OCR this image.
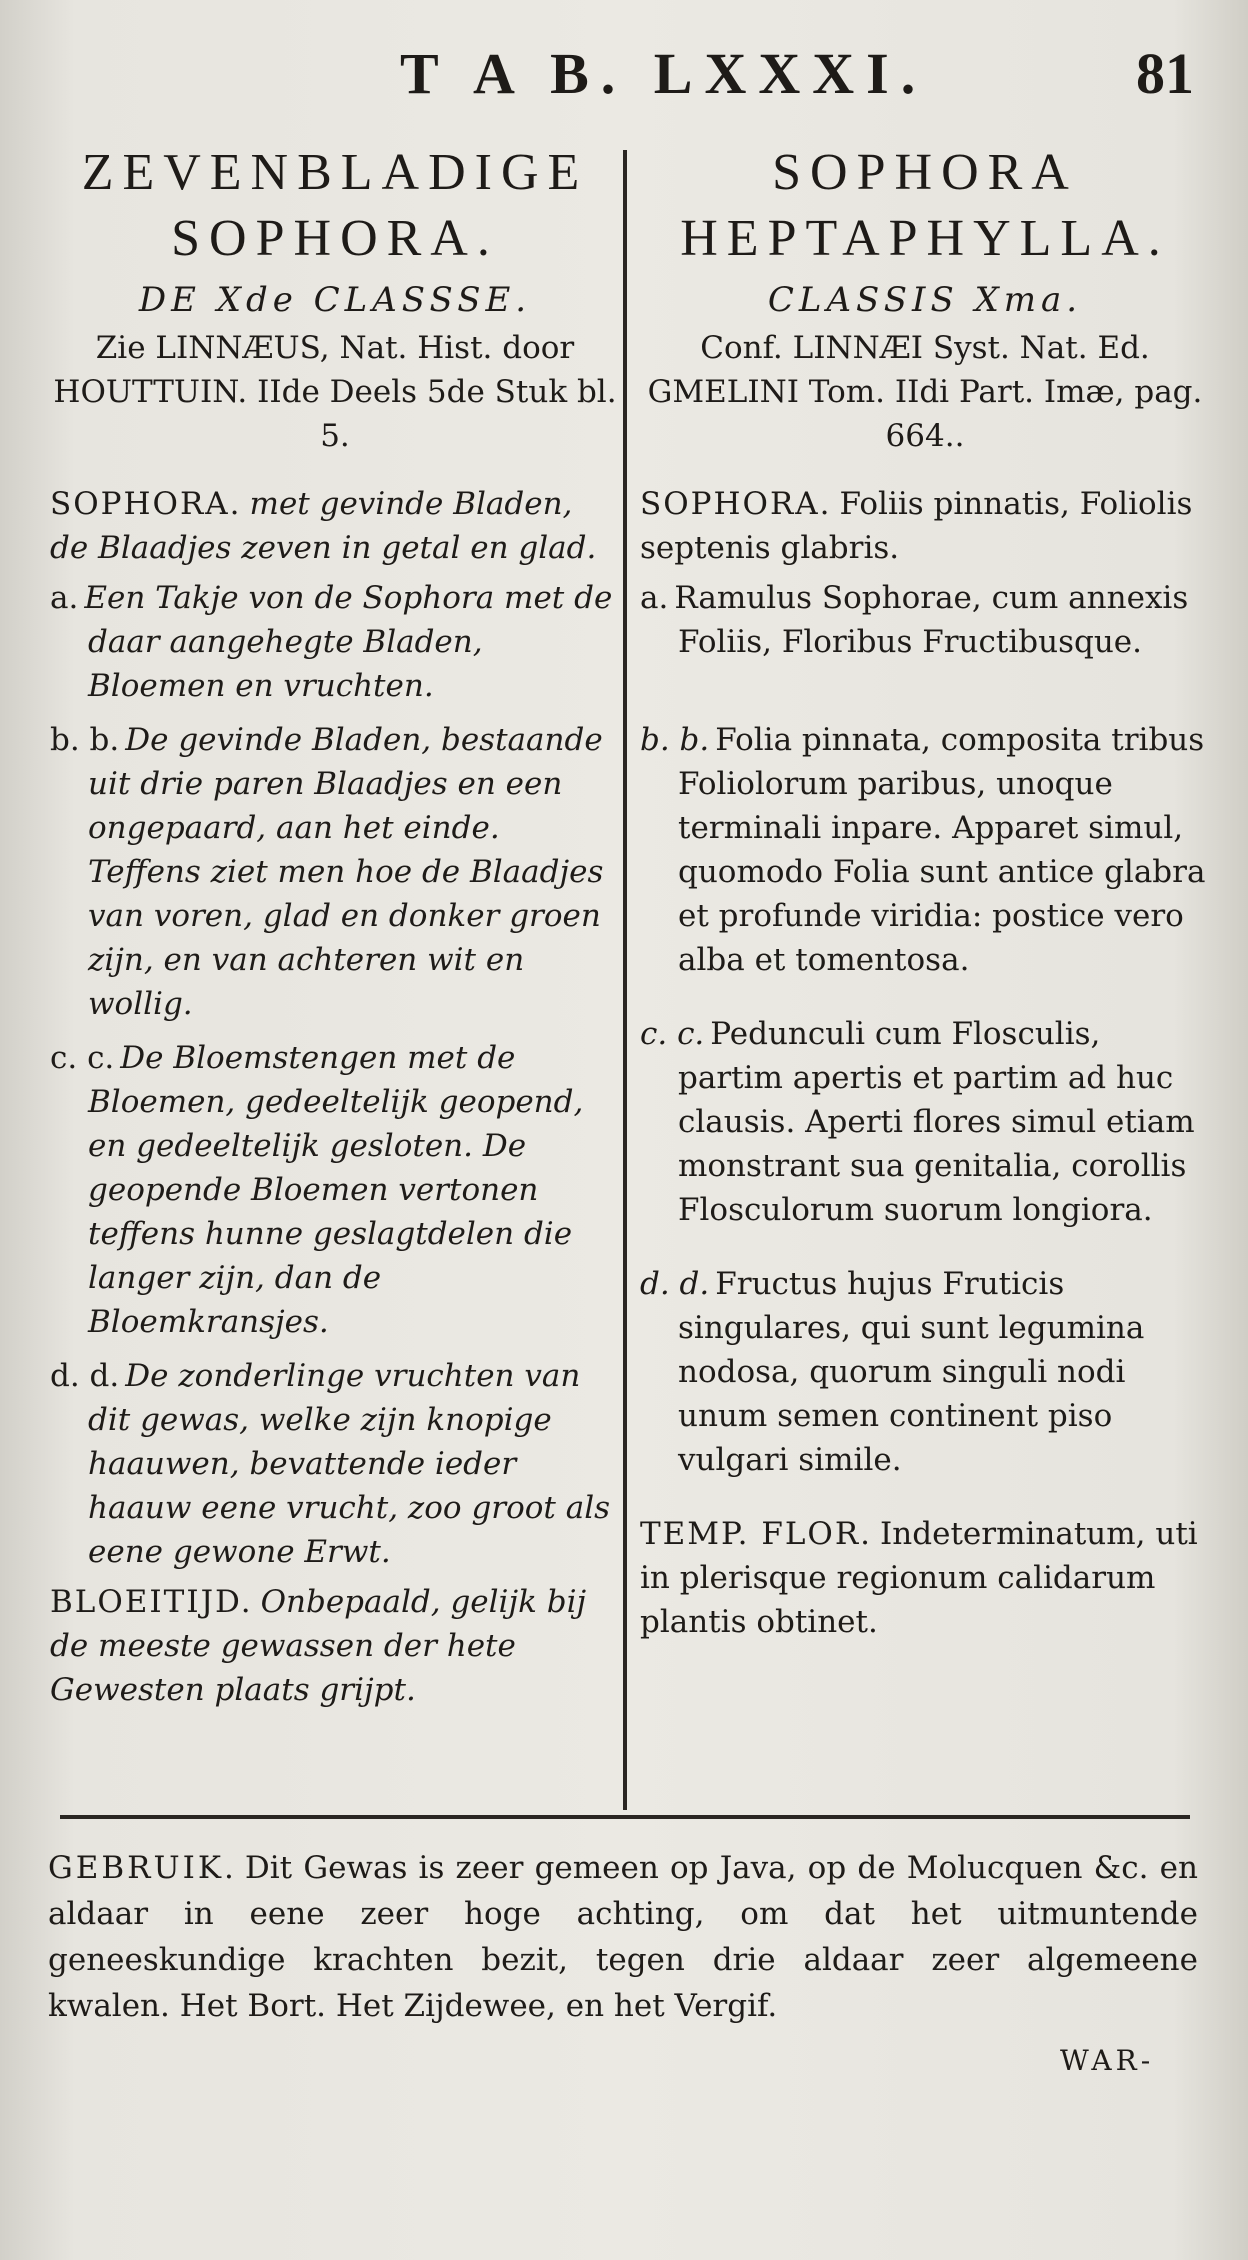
T A B. LXXXI.	81
ZEVENBLADIGE
SOPHORA.
DE Xde CLASSSE.
Zie LINNÆUS, Nat. Hist. door HOUTTUIN. IIde Deels 5de Stuk bl. 5.
SOPHORA. met gevinde Bladen, de Blaadjes zeven in getal en glad.
a. Een Takje von de Sophora met de daar aangehegte Bladen, Bloemen en vruchten.
b. b. De gevinde Bladen, bestaande uit drie paren Blaadjes en een ongepaard, aan het einde. Teffens ziet men hoe de Blaadjes van voren, glad en donker groen zijn, en van achteren wit en wollig.
c. c. De Bloemstengen met de Bloemen, gedeeltelijk geopend, en gedeeltelijk gesloten. De geopende Bloemen vertonen teffens hunne geslagtdelen die langer zijn, dan de Bloemkransjes.
d. d. De zonderlinge vruchten van dit gewas, welke zijn knopige haauwen, bevattende ieder haauw eene vrucht, zoo groot als eene gewone Erwt.
BLOEITIJD. Onbepaald, gelijk bij de meeste gewassen der hete Gewesten plaats grijpt.
SOPHORA
HEPTAPHYLLA.
CLASSIS Xma.
Conf. LINNÆI Syst. Nat. Ed. GMELINI Tom. IIdi Part. Imæ, pag. 664..
SOPHORA. Foliis pinnatis, Foliolis septenis glabris.
a. Ramulus Sophorae, cum annexis Foliis, Floribus Fructibusque.
b. b. Folia pinnata, composita tribus Foliolorum paribus, unoque terminali inpare. Apparet simul, quomodo Folia sunt antice glabra et profunde viridia: postice vero alba et tomentosa.
c. c. Pedunculi cum Flosculis, partim apertis et partim ad huc clausis. Aperti flores simul etiam monstrant sua genitalia, corollis Flosculorum suorum longiora.
d. d. Fructus hujus Fruticis singulares, qui sunt legumina nodosa, quorum singuli nodi unum semen continent piso vulgari simile.
TEMP. FLOR. Indeterminatum, uti in plerisque regionum calidarum plantis obtinet.
GEBRUIK. Dit Gewas is zeer gemeen op Java, op de Molucquen &c. en aldaar in eene zeer hoge achting, om dat het uitmuntende geneeskundige krachten bezit, tegen drie aldaar zeer algemeene kwalen. Het Bort. Het Zijdewee, en het Vergif.
WAR-
